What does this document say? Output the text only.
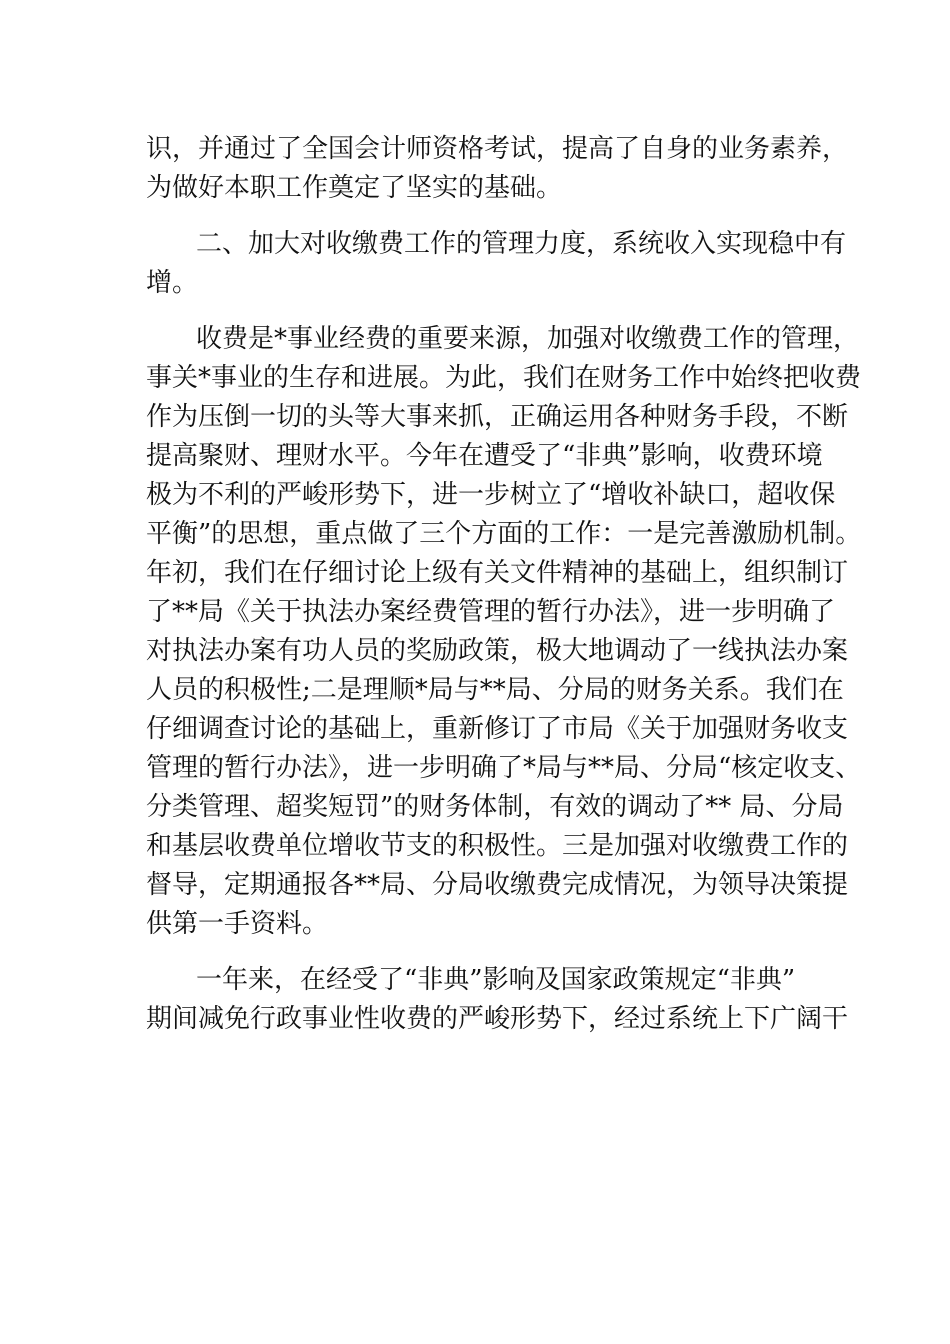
识，并通过了全国会计师资格考试，提高了自身的业务素养，
为做好本职工作奠定了坚实的基础。
二、加大对收缴费工作的管理力度，系统收入实现稳中有
增。
收费是*事业经费的重要来源，加强对收缴费工作的管理，
事关*事业的生存和进展。为此，我们在财务工作中始终把收费
作为压倒一切的头等大事来抓，正确运用各种财务手段，不断
提高聚财、理财水平。今年在遭受了“非典”影响，收费环境
极为不利的严峻形势下，进一步树立了“增收补缺口，超收保
平衡”的思想，重点做了三个方面的工作：一是完善激励机制。
年初，我们在仔细讨论上级有关文件精神的基础上，组织制订
了**局《关于执法办案经费管理的暂行办法》，进一步明确了
对执法办案有功人员的奖励政策，极大地调动了一线执法办案
人员的积极性;二是理顺*局与**局、分局的财务关系。我们在
仔细调查讨论的基础上，重新修订了市局《关于加强财务收支
管理的暂行办法》，进一步明确了*局与**局、分局“核定收支、
分类管理、超奖短罚”的财务体制，有效的调动了** 局、分局
和基层收费单位增收节支的积极性。三是加强对收缴费工作的
督导，定期通报各**局、分局收缴费完成情况，为领导决策提
供第一手资料。
一年来，在经受了“非典”影响及国家政策规定“非典”
期间减免行政事业性收费的严峻形势下，经过系统上下广阔干
